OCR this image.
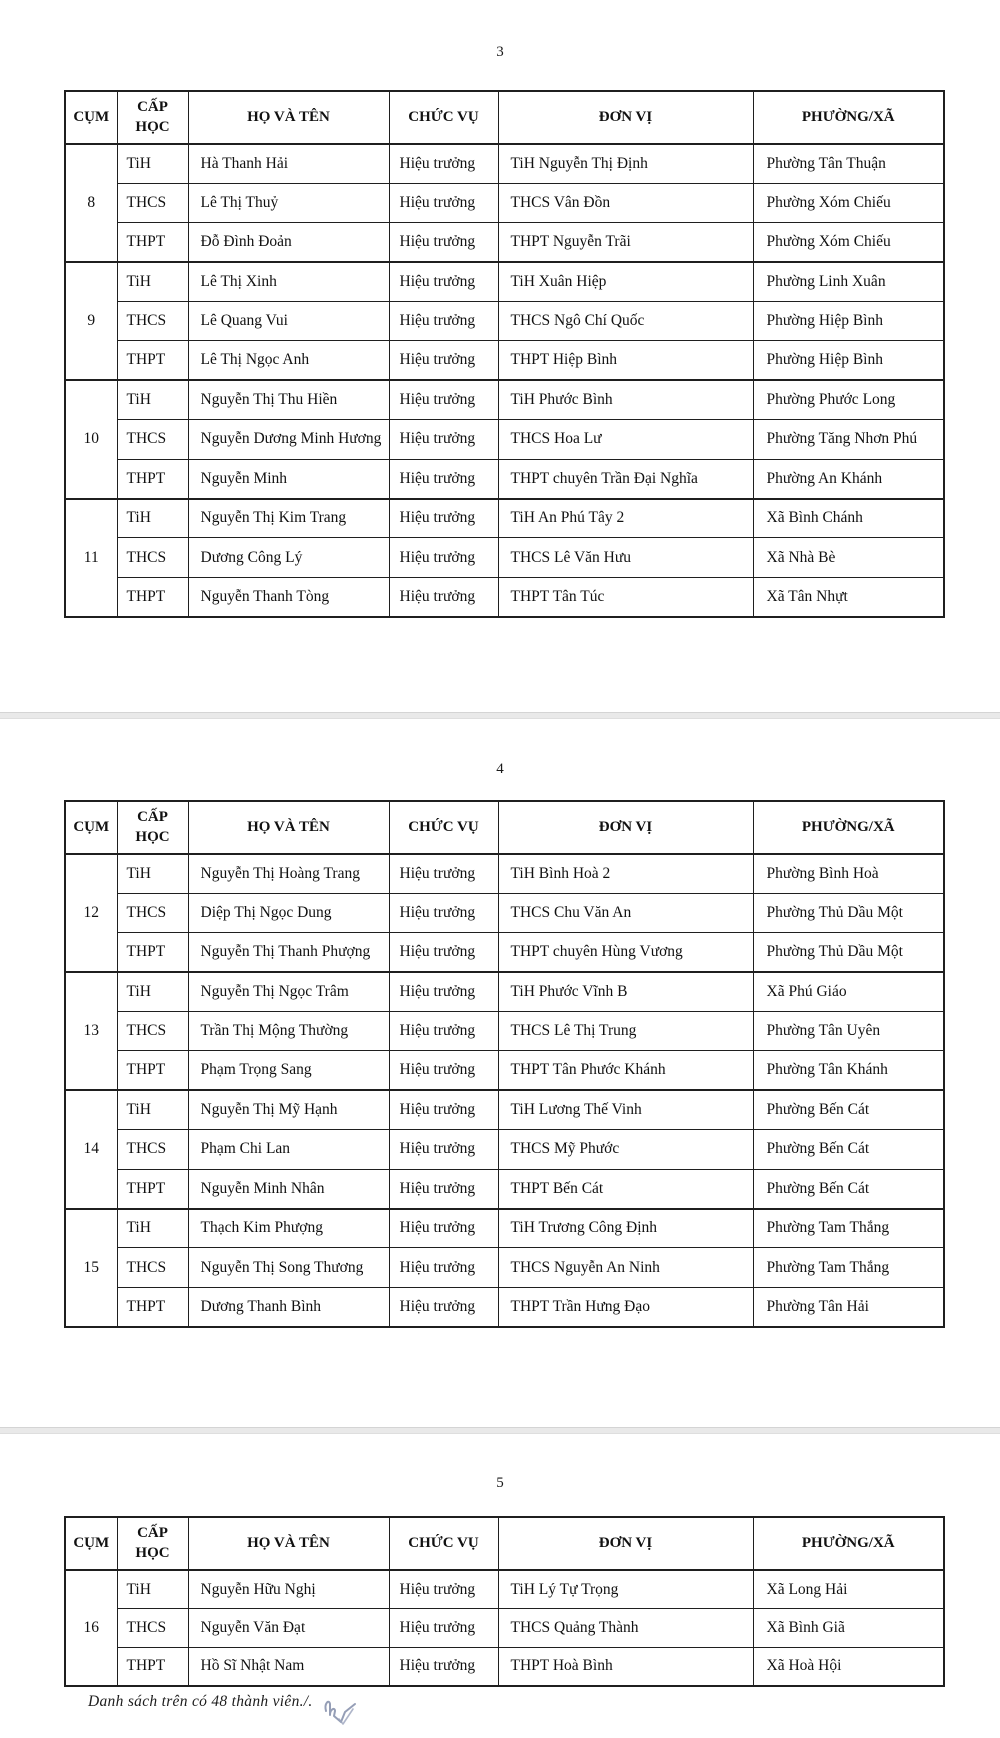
3
CỤM	CẤP HỌC	HỌ VÀ TÊN	CHỨC VỤ	ĐƠN VỊ	PHƯỜNG/XÃ
8	TiH	Hà Thanh Hải	Hiệu trưởng	TiH Nguyễn Thị Định	Phường Tân Thuận
	THCS	Lê Thị Thuỷ	Hiệu trưởng	THCS Vân Đồn	Phường Xóm Chiếu
	THPT	Đỗ Đình Đoản	Hiệu trưởng	THPT Nguyễn Trãi	Phường Xóm Chiếu
9	TiH	Lê Thị Xinh	Hiệu trưởng	TiH Xuân Hiệp	Phường Linh Xuân
	THCS	Lê Quang Vui	Hiệu trưởng	THCS Ngô Chí Quốc	Phường Hiệp Bình
	THPT	Lê Thị Ngọc Anh	Hiệu trưởng	THPT Hiệp Bình	Phường Hiệp Bình
10	TiH	Nguyễn Thị Thu Hiền	Hiệu trưởng	TiH Phước Bình	Phường Phước Long
	THCS	Nguyễn Dương Minh Hương	Hiệu trưởng	THCS Hoa Lư	Phường Tăng Nhơn Phú
	THPT	Nguyễn Minh	Hiệu trưởng	THPT chuyên Trần Đại Nghĩa	Phường An Khánh
11	TiH	Nguyễn Thị Kim Trang	Hiệu trưởng	TiH An Phú Tây 2	Xã Bình Chánh
	THCS	Dương Công Lý	Hiệu trưởng	THCS Lê Văn Hưu	Xã Nhà Bè
	THPT	Nguyễn Thanh Tòng	Hiệu trưởng	THPT Tân Túc	Xã Tân Nhựt
4
CỤM	CẤP HỌC	HỌ VÀ TÊN	CHỨC VỤ	ĐƠN VỊ	PHƯỜNG/XÃ
12	TiH	Nguyễn Thị Hoàng Trang	Hiệu trưởng	TiH Bình Hoà 2	Phường Bình Hoà
	THCS	Diệp Thị Ngọc Dung	Hiệu trưởng	THCS Chu Văn An	Phường Thủ Dầu Một
	THPT	Nguyễn Thị Thanh Phượng	Hiệu trưởng	THPT chuyên Hùng Vương	Phường Thủ Dầu Một
13	TiH	Nguyễn Thị Ngọc Trâm	Hiệu trưởng	TiH Phước Vĩnh B	Xã Phú Giáo
	THCS	Trần Thị Mộng Thường	Hiệu trưởng	THCS Lê Thị Trung	Phường Tân Uyên
	THPT	Phạm Trọng Sang	Hiệu trưởng	THPT Tân Phước Khánh	Phường Tân Khánh
14	TiH	Nguyễn Thị Mỹ Hạnh	Hiệu trưởng	TiH Lương Thế Vinh	Phường Bến Cát
	THCS	Phạm Chi Lan	Hiệu trưởng	THCS Mỹ Phước	Phường Bến Cát
	THPT	Nguyễn Minh Nhân	Hiệu trưởng	THPT Bến Cát	Phường Bến Cát
15	TiH	Thạch Kim Phượng	Hiệu trưởng	TiH Trương Công Định	Phường Tam Thắng
	THCS	Nguyễn Thị Song Thương	Hiệu trưởng	THCS Nguyễn An Ninh	Phường Tam Thắng
	THPT	Dương Thanh Bình	Hiệu trưởng	THPT Trần Hưng Đạo	Phường Tân Hải
5
CỤM	CẤP HỌC	HỌ VÀ TÊN	CHỨC VỤ	ĐƠN VỊ	PHƯỜNG/XÃ
16	TiH	Nguyễn Hữu Nghị	Hiệu trưởng	TiH Lý Tự Trọng	Xã Long Hải
	THCS	Nguyễn Văn Đạt	Hiệu trưởng	THCS Quảng Thành	Xã Bình Giã
	THPT	Hồ Sĩ Nhật Nam	Hiệu trưởng	THPT Hoà Bình	Xã Hoà Hội
Danh sách trên có 48 thành viên./.
